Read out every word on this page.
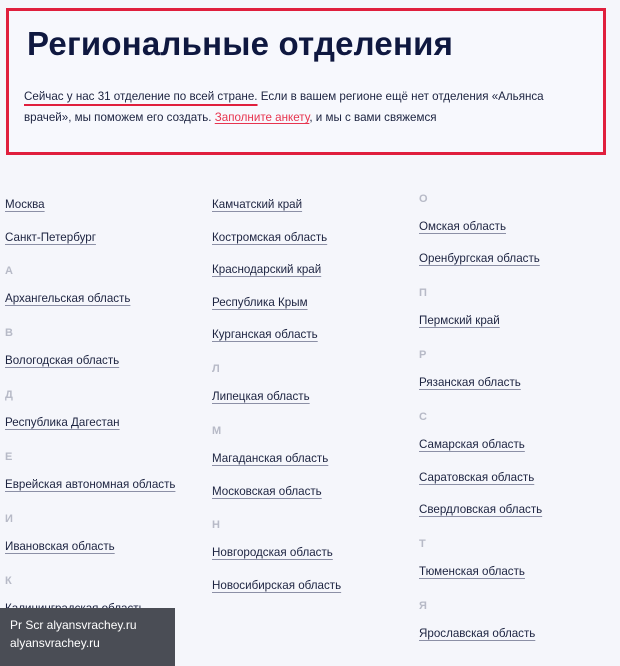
Региональные отделения
Сейчас у нас 31 отделение по всей стране. Если в вашем регионе ещё нет отделения «Альянса врачей», мы поможем его создать. Заполните анкету, и мы с вами свяжемся
Москва
Санкт-Петербург
А
Архангельская область
В
Вологодская область
Д
Республика Дагестан
Е
Еврейская автономная область
И
Ивановская область
К
Камчатский край
Костромская область
Краснодарский край
Республика Крым
Курганская область
Л
Липецкая область
М
Магаданская область
Московская область
Н
Новгородская область
Новосибирская область
О
Омская область
Оренбургская область
П
Пермский край
Р
Рязанская область
С
Самарская область
Саратовская область
Свердловская область
Т
Тюменская область
Я
Ярославская область
Pr Scr alyansvrachey.ru
alyansvrachey.ru
